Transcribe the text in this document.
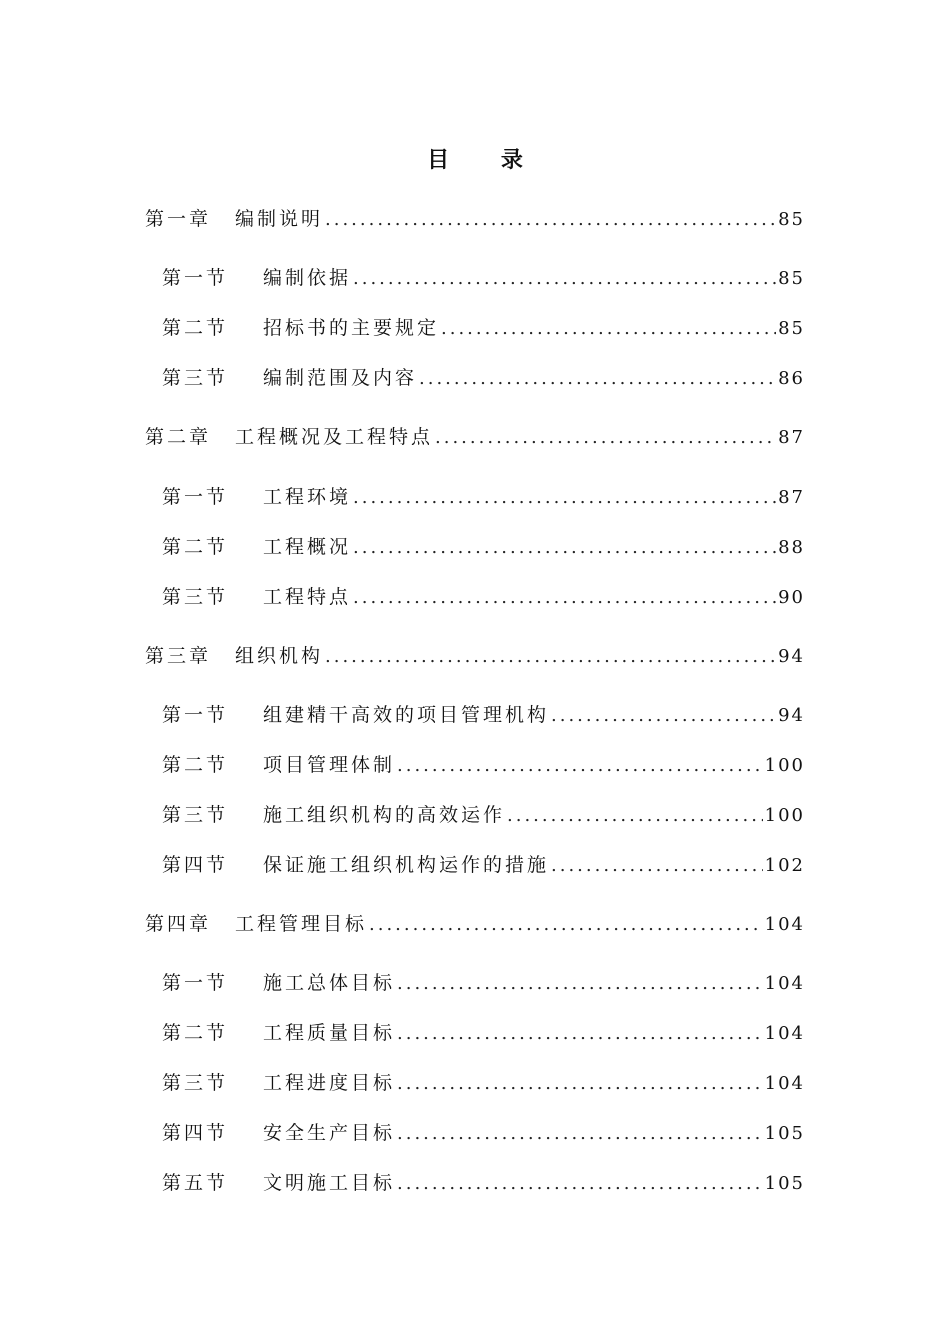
目 录
第一章	编制说明 .....	85
第一节	编制依据 .....	85
第二节	招标书的主要规定 .....	85
第三节	编制范围及内容 .....	86
第二章	工程概况及工程特点 .....	87
第一节	工程环境 .....	87
第二节	工程概况 .....	88
第三节	工程特点 .....	90
第三章	组织机构 .....	94
第一节	组建精干高效的项目管理机构 .....	94
第二节	项目管理体制 .....	100
第三节	施工组织机构的高效运作 .....	100
第四节	保证施工组织机构运作的措施 .....	102
第四章	工程管理目标 .....	104
第一节	施工总体目标 .....	104
第二节	工程质量目标 .....	104
第三节	工程进度目标 .....	104
第四节	安全生产目标 .....	105
第五节	文明施工目标 .....	105
